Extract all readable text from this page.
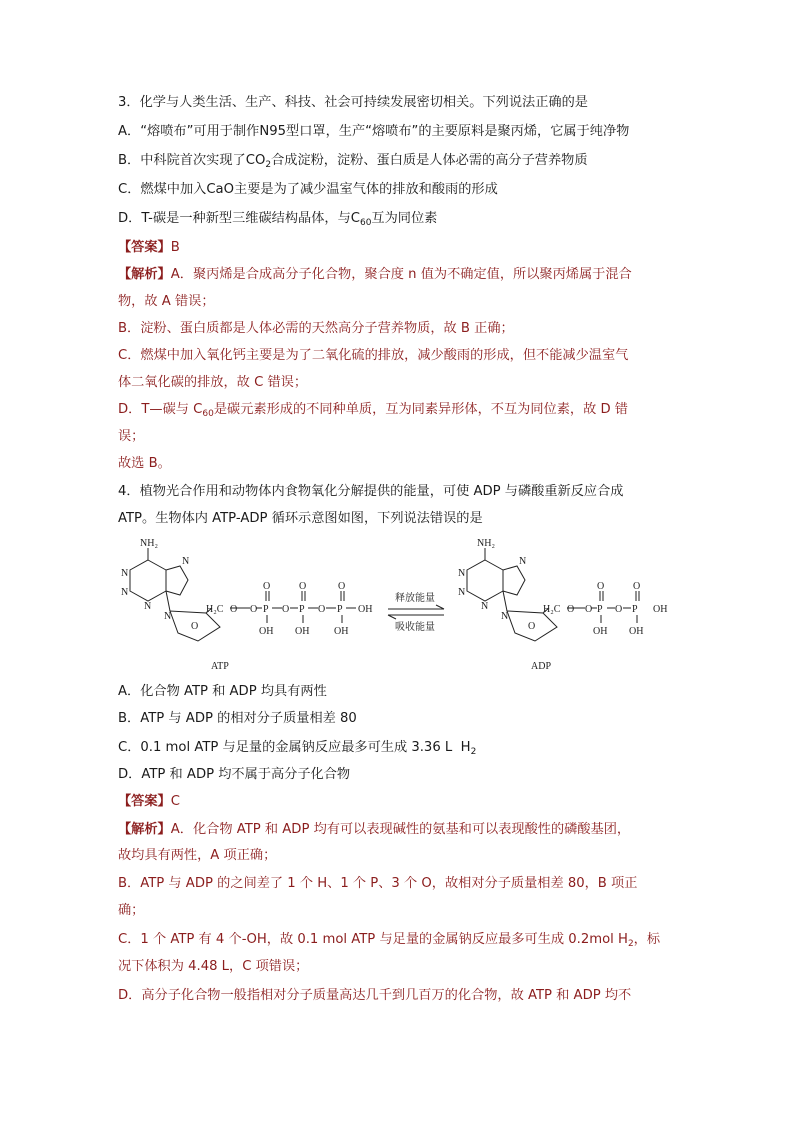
3．化学与人类生活、生产、科技、社会可持续发展密切相关。下列说法正确的是
A．“熔喷布”可用于制作N95型口罩，生产“熔喷布”的主要原料是聚丙烯，它属于纯净物
B．中科院首次实现了$CO_2$合成淀粉，淀粉、蛋白质是人体必需的高分子营养物质
C．燃煤中加入CaO主要是为了减少温室气体的排放和酸雨的形成
D．T-碳是一种新型三维碳结构晶体，与$C_{60}$互为同位素
【答案】B
【解析】A．聚丙烯是合成高分子化合物，聚合度 n 值为不确定值，所以聚丙烯属于混合
物，故 A 错误；
B．淀粉、蛋白质都是人体必需的天然高分子营养物质，故 B 正确；
C．燃煤中加入氧化钙主要是为了二氧化硫的排放，减少酸雨的形成，但不能减少温室气
体二氧化碳的排放，故 C 错误；
D．T—碳与 $C_{60}$是碳元素形成的不同种单质，互为同素异形体，不互为同位素，故 D 错
误；
故选 B。
4．植物光合作用和动物体内食物氧化分解提供的能量，可使 ADP 与磷酸重新反应合成
ATP。生物体内 ATP-ADP 循环示意图如图，下列说法错误的是
NH₂
N
N
N
N
N
O
H₂C O O P O P O P OH
O	O	O
OH OH OH
ATP
释放能量
吸收能量
NH₂
N
N
N
N
N
O
H₂C O O P O P OH
O	O
OH OH
ADP
A．化合物 ATP 和 ADP 均具有两性
B．ATP 与 ADP 的相对分子质量相差 80
C．0.1 mol ATP 与足量的金属钠反应最多可生成 3.36 L $H_2$
D．ATP 和 ADP 均不属于高分子化合物
【答案】C
【解析】A．化合物 ATP 和 ADP 均有可以表现碱性的氨基和可以表现酸性的磷酸基团，
故均具有两性，A 项正确；
B．ATP 与 ADP 的之间差了 1 个 H、1 个 P、3 个 O，故相对分子质量相差 80，B 项正
确；
C．1 个 ATP 有 4 个-OH，故 0.1 mol ATP 与足量的金属钠反应最多可生成 0.2mol $H_2$，标
况下体积为 4.48 L，C 项错误；
D．高分子化合物一般指相对分子质量高达几千到几百万的化合物，故 ATP 和 ADP 均不
